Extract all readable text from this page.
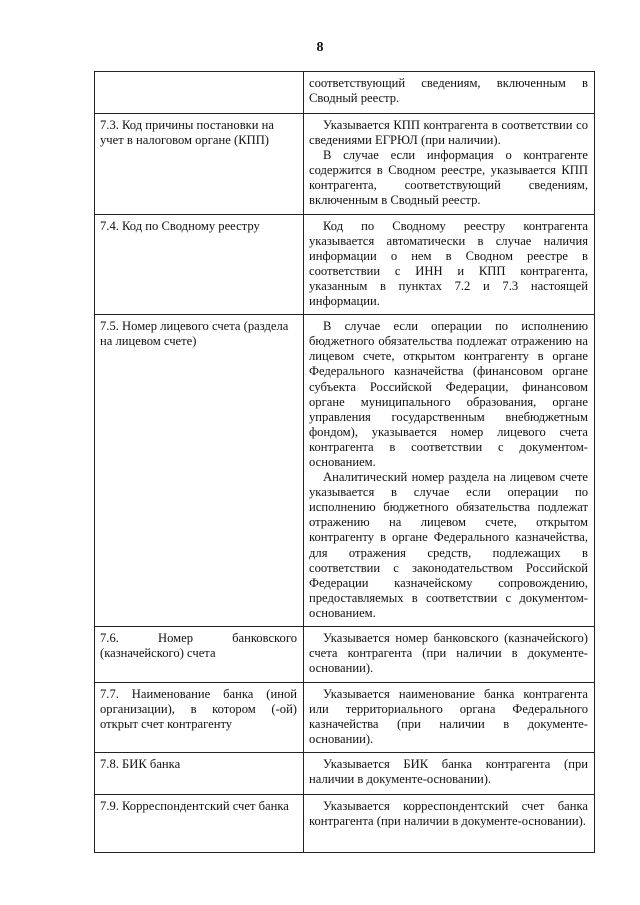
8

	соответствующий сведениям, включенным в Сводный реестр.

7.3. Код причины постановки на учет в налоговом органе (КПП)	Указывается КПП контрагента в соответствии со сведениями ЕГРЮЛ (при наличии).

В случае если информация о контрагенте содержится в Сводном реестре, указывается КПП контрагента, соответствующий сведениям, включенным в Сводный реестр.

7.4. Код по Сводному реестру	Код по Сводному реестру контрагента указывается автоматически в случае наличия информации о нем в Сводном реестре в соответствии с ИНН и КПП контрагента, указанным в пунктах 7.2 и 7.3 настоящей информации.

7.5. Номер лицевого счета (раздела на лицевом счете)	В случае если операции по исполнению бюджетного обязательства подлежат отражению на лицевом счете, открытом контрагенту в органе Федерального казначейства (финансовом органе субъекта Российской Федерации, финансовом органе муниципального образования, органе управления государственным внебюджетным фондом), указывается номер лицевого счета контрагента в соответствии с документом-основанием.

Аналитический номер раздела на лицевом счете указывается в случае если операции по исполнению бюджетного обязательства подлежат отражению на лицевом счете, открытом контрагенту в органе Федерального казначейства, для отражения средств, подлежащих в соответствии с законодательством Российской Федерации казначейскому сопровождению, предоставляемых в соответствии с документом-основанием.

7.6. Номер банковского (казначейского) счета	Указывается номер банковского (казначейского) счета контрагента (при наличии в документе-основании).

7.7. Наименование банка (иной организации), в котором (-ой) открыт счет контрагенту	Указывается наименование банка контрагента или территориального органа Федерального казначейства (при наличии в документе-основании).

7.8. БИК банка	Указывается БИК банка контрагента (при наличии в документе-основании).

7.9. Корреспондентский счет банка	Указывается корреспондентский счет банка контрагента (при наличии в документе-основании).
